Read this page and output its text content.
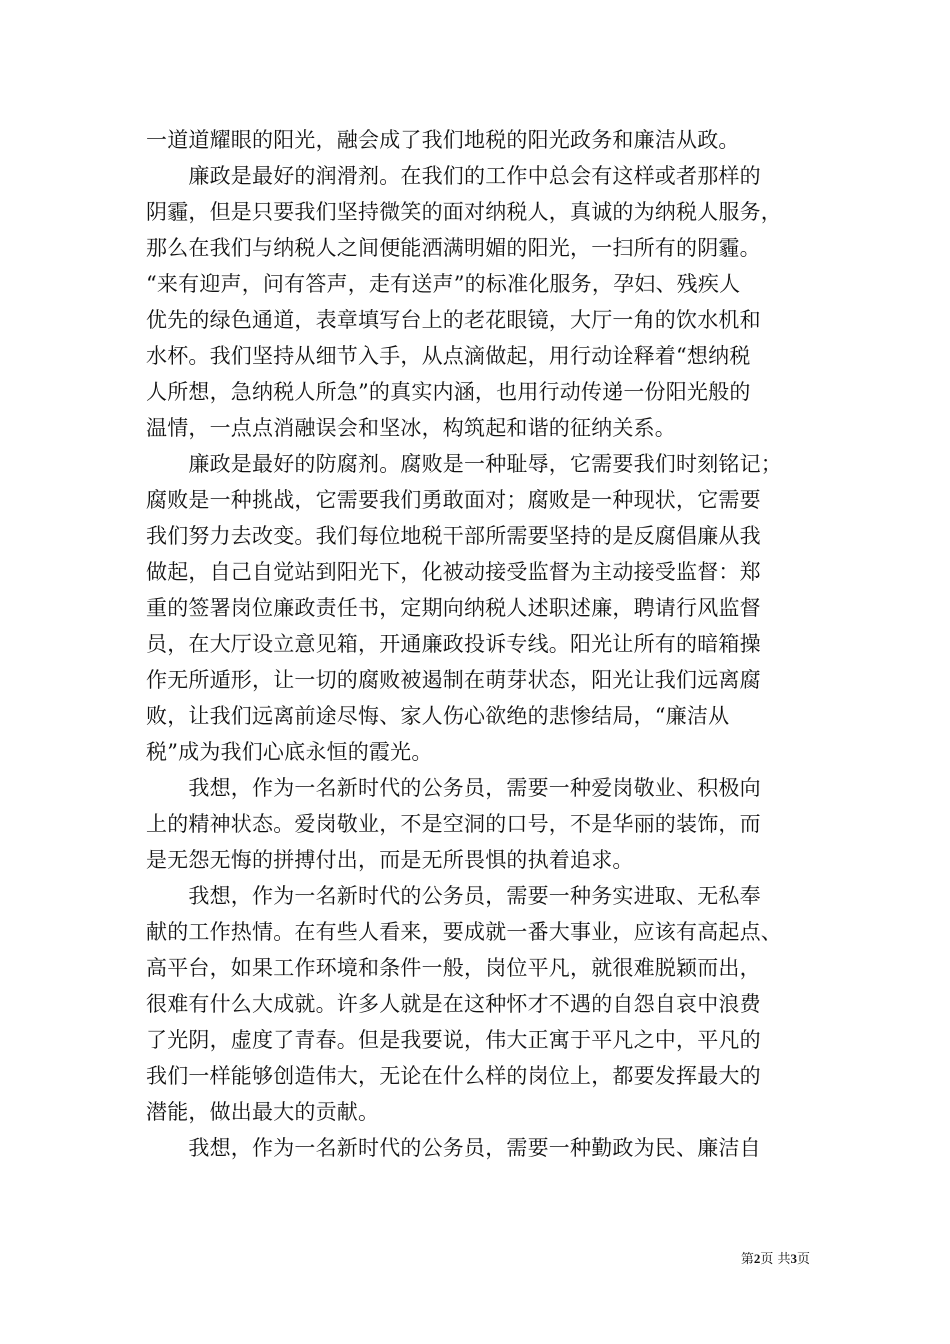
一道道耀眼的阳光，融会成了我们地税的阳光政务和廉洁从政。
　　廉政是最好的润滑剂。在我们的工作中总会有这样或者那样的
阴霾，但是只要我们坚持微笑的面对纳税人，真诚的为纳税人服务，
那么在我们与纳税人之间便能洒满明媚的阳光，一扫所有的阴霾。
“来有迎声，问有答声，走有送声”的标准化服务，孕妇、残疾人
优先的绿色通道，表章填写台上的老花眼镜，大厅一角的饮水机和
水杯。我们坚持从细节入手，从点滴做起，用行动诠释着“想纳税
人所想，急纳税人所急”的真实内涵，也用行动传递一份阳光般的
温情，一点点消融误会和坚冰，构筑起和谐的征纳关系。
　　廉政是最好的防腐剂。腐败是一种耻辱，它需要我们时刻铭记；
腐败是一种挑战，它需要我们勇敢面对；腐败是一种现状，它需要
我们努力去改变。我们每位地税干部所需要坚持的是反腐倡廉从我
做起，自己自觉站到阳光下，化被动接受监督为主动接受监督：郑
重的签署岗位廉政责任书，定期向纳税人述职述廉，聘请行风监督
员，在大厅设立意见箱，开通廉政投诉专线。阳光让所有的暗箱操
作无所遁形，让一切的腐败被遏制在萌芽状态，阳光让我们远离腐
败，让我们远离前途尽悔、家人伤心欲绝的悲惨结局，“廉洁从
税”成为我们心底永恒的霞光。
　　我想，作为一名新时代的公务员，需要一种爱岗敬业、积极向
上的精神状态。爱岗敬业，不是空洞的口号，不是华丽的装饰，而
是无怨无悔的拼搏付出，而是无所畏惧的执着追求。
　　我想，作为一名新时代的公务员，需要一种务实进取、无私奉
献的工作热情。在有些人看来，要成就一番大事业，应该有高起点、
高平台，如果工作环境和条件一般，岗位平凡，就很难脱颖而出，
很难有什么大成就。许多人就是在这种怀才不遇的自怨自哀中浪费
了光阴，虚度了青春。但是我要说，伟大正寓于平凡之中，平凡的
我们一样能够创造伟大，无论在什么样的岗位上，都要发挥最大的
潜能，做出最大的贡献。
　　我想，作为一名新时代的公务员，需要一种勤政为民、廉洁自
第2页 共3页
